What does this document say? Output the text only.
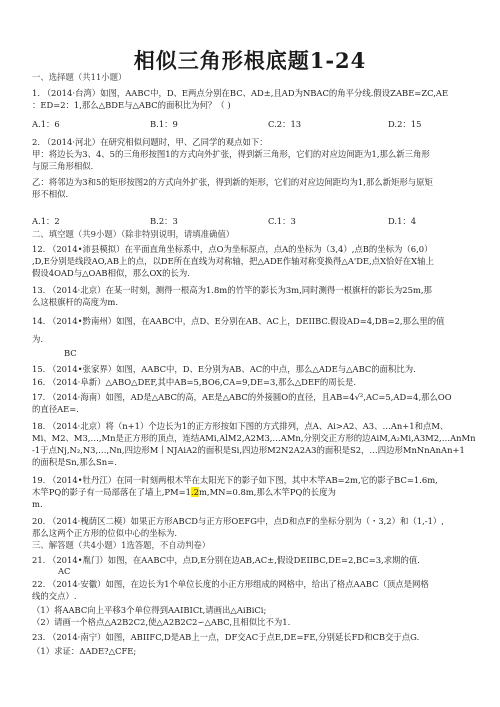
相似三角形根底题1-24
一、选择题（共11小题）
1. （2014·台湾）如图，AABC中，D、E两点分别在BC、AD±,且AD为NBAC的角平分线.假设ZABE=ZC,AE
：ED=2：1,那么△BDE与△ABC的面积比为何？（ )
A.1：6	B.1：9	C.2：13	D.2：15
2. （2014·河北）在研究相似问题时，甲、乙同学的观点如下：
甲：将边长为3、4、5的三角形按图1的方式向外扩张，得到新三角形，它们的对应边间距为1,那么新三角形
与原三角形相似.
乙：将邻边为3和5的矩形按图2的方式向外扩张，得到新的矩形，它们的对应边间距均为1,那么新矩形与原矩
形不相似.
A.1：2	B.2：3	C.1：3	D.1：4
二、填空题（共9小题）（除非特别说明，请填准确值）
12. （2014•沛县模拟）在平面直角坐标系中，点O为坐标原点，点A的坐标为（3,4）,点B的坐标为（6,0）
,D,E分别是线段AO,AB上的点，以DE所在直线为对称轴，把△ADE作轴对称变换得△A'DE,点X恰好在X轴上
假设4OAD与△OAB相似，那么OX的长为.
13. （2014·北京）在某一时刻，测得一根高为1.8m的竹竿的影长为3m,同时测得一根旗杆的影长为25m,那
么这根旗杆的高度为m.
14. （2014•黔南州）如图，在AABC中，点D、E分别在AB、AC上，DEIIBC.假设AD=4,DB=2,那么里的值
为.
BC
15. （2014•张家界）如图，AABC中，D、E分别为AB、AC的中点，那么△ADE与△ABC的面积比为.
16. （2014·阜新）△ABO△DEF,其中AB=5,BO6,CA=9,DE=3,那么△DEF的周长是.
17. （2014·海南）如图，AD是△ABC的高，AE是△ABC的外接圆O的直径，且AB=4√²,AC=5,AD=4,那么OO
的直径AE=.
18. （2014·北京）将（n+1）个边长为1的正方形按如下图的方式排列，点A、Ai>A2、A3、…An+1和点M、
Mi、M2、M3,…,Mn是正方形的顶点，连结AMi,AlM2,A2M3,…AMn,分别交正方形的边AiM,A₂Mi,A3M2,…AnMn
-1于点Nj,N₂,N3,…,Nn,四边形M丨NJAiA2的面积是Si,四边形M2N2A2A3的面积是S2，…四边形MnNnAnAn+1
的面积是Sn,那么Sn=.
19. （2014•牡丹江）在同一时刻两根木竿在太阳光下的影子如下图，其中木竿AB=2m,它的影子BC=1.6m,
木竿PQ的影子有一局部落在了墙上,PM=1.2m,MN=0.8m,那么木竿PQ的长度为
m.
20. （2014·槐荫区二模）如果正方形ABCD与正方形OEFG中，点D和点F的坐标分别为（・3,2）和（1,-1）,
那么这两个正方形的位似中心的坐标为.
三、解答题（共4小题）1选答题，不自动判卷）
21. （2014•胤门）如图，在AABC中，点D,E分别在边AB,AC±,假设DEIIBC,DE=2,BC=3,求期的值.
AC
22. （2014·安徽）如图，在边长为1个单位长度的小正方形组成的网格中，给出了格点AABC（顶点是网格
线的交点）.
（1）将AABC向上平移3个单位得到AAIBICt,请画出△AiBiCi;
（2）请画一个格点△A2B2C2,使△A2B2C2∽△ABC,且相似比不为1.
23. （2014·南宁）如图，ABIIFC,D是AB上一点，DF交AC于点E,DE=FE,分别延长FD和CB交于点G.
（1）求证：ΔADE?△CFE;
